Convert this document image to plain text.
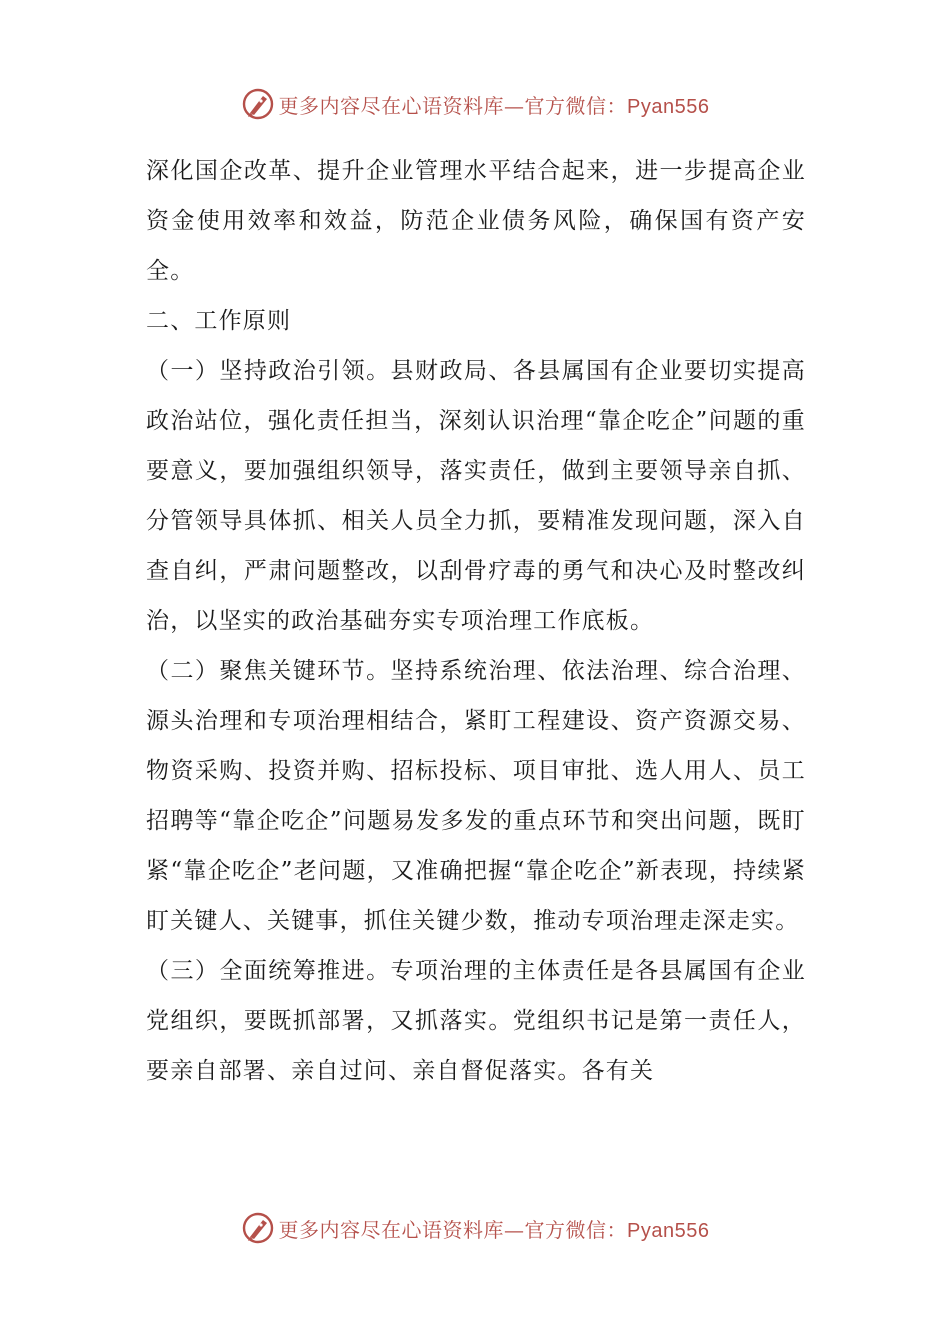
更多内容尽在心语资料库—官方微信：Pyan556

深化国企改革、提升企业管理水平结合起来，进一步提高企业资金使用效率和效益，防范企业债务风险，确保国有资产安全。

二、工作原则

（一）坚持政治引领。县财政局、各县属国有企业要切实提高政治站位，强化责任担当，深刻认识治理“靠企吃企”问题的重要意义，要加强组织领导，落实责任，做到主要领导亲自抓、分管领导具体抓、相关人员全力抓，要精准发现问题，深入自查自纠，严肃问题整改，以刮骨疗毒的勇气和决心及时整改纠治，以坚实的政治基础夯实专项治理工作底板。

（二）聚焦关键环节。坚持系统治理、依法治理、综合治理、源头治理和专项治理相结合，紧盯工程建设、资产资源交易、物资采购、投资并购、招标投标、项目审批、选人用人、员工招聘等“靠企吃企”问题易发多发的重点环节和突出问题，既盯紧“靠企吃企”老问题，又准确把握“靠企吃企”新表现，持续紧盯关键人、关键事，抓住关键少数，推动专项治理走深走实。

（三）全面统筹推进。专项治理的主体责任是各县属国有企业党组织，要既抓部署，又抓落实。党组织书记是第一责任人，要亲自部署、亲自过问、亲自督促落实。各有关

更多内容尽在心语资料库—官方微信：Pyan556
